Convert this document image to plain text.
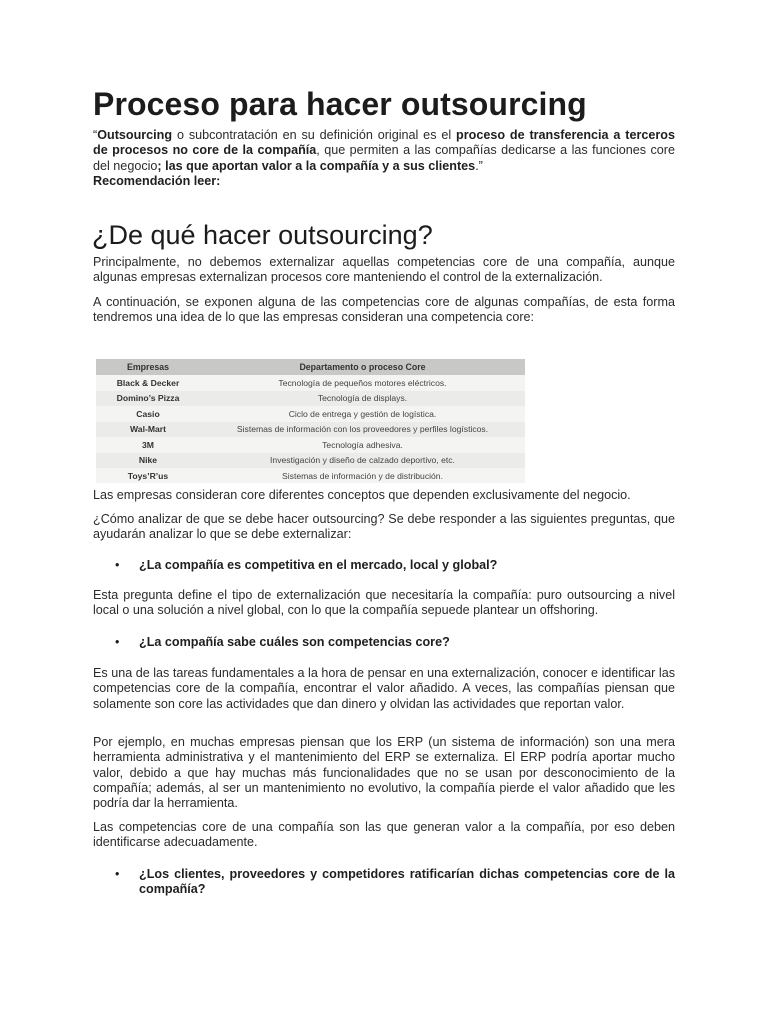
Proceso para hacer outsourcing

“Outsourcing o subcontratación en su definición original es el proceso de transferencia a terceros de procesos no core de la compañía, que permiten a las compañías dedicarse a las funciones core del negocio; las que aportan valor a la compañía y a sus clientes.”
Recomendación leer:

¿De qué hacer outsourcing?

Principalmente, no debemos externalizar aquellas competencias core de una compañía, aunque algunas empresas externalizan procesos core manteniendo el control de la externalización.

A continuación, se exponen alguna de las competencias core de algunas compañías, de esta forma tendremos una idea de lo que las empresas consideran una competencia core:

Empresas	Departamento o proceso Core
Black & Decker	Tecnología de pequeños motores eléctricos.
Domino’s Pizza	Tecnología de displays.
Casio	Ciclo de entrega y gestión de logística.
Wal-Mart	Sistemas de información con los proveedores y perfiles logísticos.
3M	Tecnología adhesiva.
Nike	Investigación y diseño de calzado deportivo, etc.
Toys’R’us	Sistemas de información y de distribución.

Las empresas consideran core diferentes conceptos que dependen exclusivamente del negocio.

¿Cómo analizar de que se debe hacer outsourcing? Se debe responder a las siguientes preguntas, que ayudarán analizar lo que se debe externalizar:

• ¿La compañía es competitiva en el mercado, local y global?

Esta pregunta define el tipo de externalización que necesitaría la compañía: puro outsourcing a nivel local o una solución a nivel global, con lo que la compañía sepuede plantear un offshoring.

• ¿La compañía sabe cuáles son competencias core?

Es una de las tareas fundamentales a la hora de pensar en una externalización, conocer e identificar las competencias core de la compañía, encontrar el valor añadido. A veces, las compañías piensan que solamente son core las actividades que dan dinero y olvidan las actividades que reportan valor.

Por ejemplo, en muchas empresas piensan que los ERP (un sistema de información) son una mera herramienta administrativa y el mantenimiento del ERP se externaliza. El ERP podría aportar mucho valor, debido a que hay muchas más funcionalidades que no se usan por desconocimiento de la compañía; además, al ser un mantenimiento no evolutivo, la compañía pierde el valor añadido que les podría dar la herramienta.

Las competencias core de una compañía son las que generan valor a la compañía, por eso deben identificarse adecuadamente.

• ¿Los clientes, proveedores y competidores ratificarían dichas competencias core de la compañía?
